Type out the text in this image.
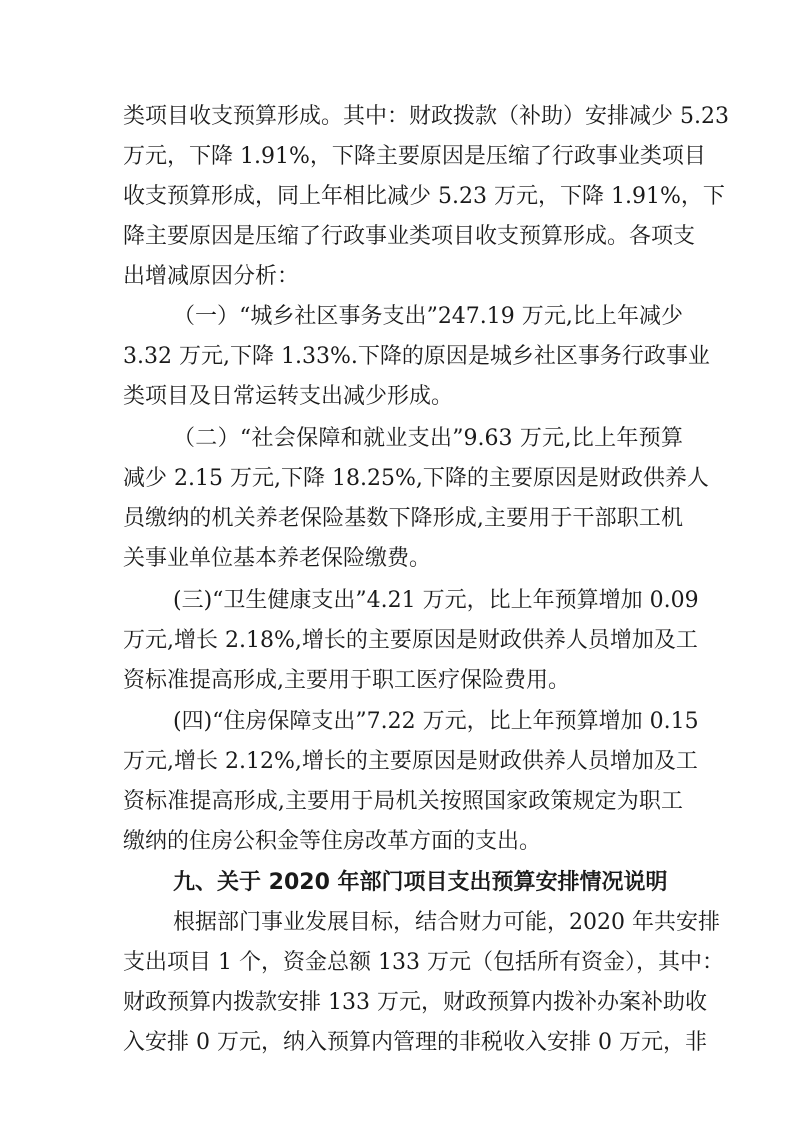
类项目收支预算形成。其中：财政拨款（补助）安排减少 5.23
万元，下降 1.91%，下降主要原因是压缩了行政事业类项目
收支预算形成，同上年相比减少 5.23 万元，下降 1.91%，下
降主要原因是压缩了行政事业类项目收支预算形成。各项支
出增减原因分析：
（一）“城乡社区事务支出”247.19 万元,比上年减少
3.32 万元,下降 1.33%.下降的原因是城乡社区事务行政事业
类项目及日常运转支出减少形成。
（二）“社会保障和就业支出”9.63 万元,比上年预算
减少 2.15 万元,下降 18.25%,下降的主要原因是财政供养人
员缴纳的机关养老保险基数下降形成,主要用于干部职工机
关事业单位基本养老保险缴费。
(三)“卫生健康支出”4.21 万元，比上年预算增加 0.09
万元,增长 2.18%,增长的主要原因是财政供养人员增加及工
资标准提高形成,主要用于职工医疗保险费用。
(四)“住房保障支出”7.22 万元，比上年预算增加 0.15
万元,增长 2.12%,增长的主要原因是财政供养人员增加及工
资标准提高形成,主要用于局机关按照国家政策规定为职工
缴纳的住房公积金等住房改革方面的支出。
九、关于 2020 年部门项目支出预算安排情况说明
根据部门事业发展目标，结合财力可能，2020 年共安排
支出项目 1 个，资金总额 133 万元（包括所有资金），其中：
财政预算内拨款安排 133 万元，财政预算内拨补办案补助收
入安排 0 万元，纳入预算内管理的非税收入安排 0 万元，非
